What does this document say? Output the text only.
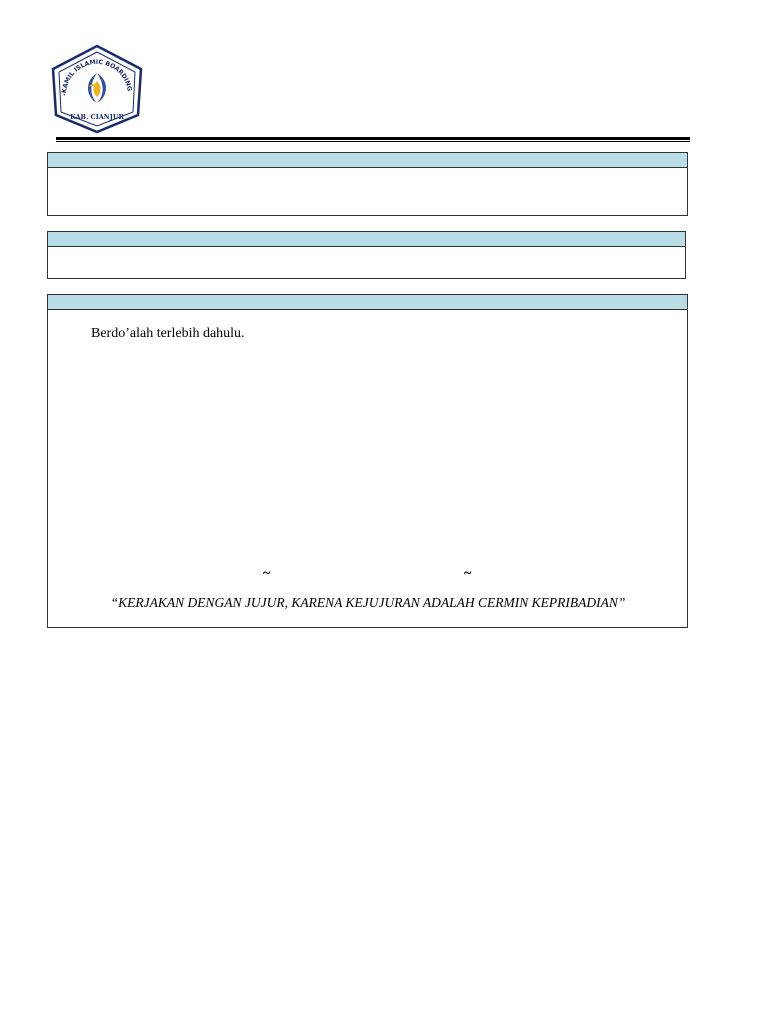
-KAMIL ISLAMIC BOARDING
KAB. CIANJUR

Berdo’alah terlebih dahulu.

~	~

“KERJAKAN DENGAN JUJUR, KARENA KEJUJURAN ADALAH CERMIN KEPRIBADIAN”
